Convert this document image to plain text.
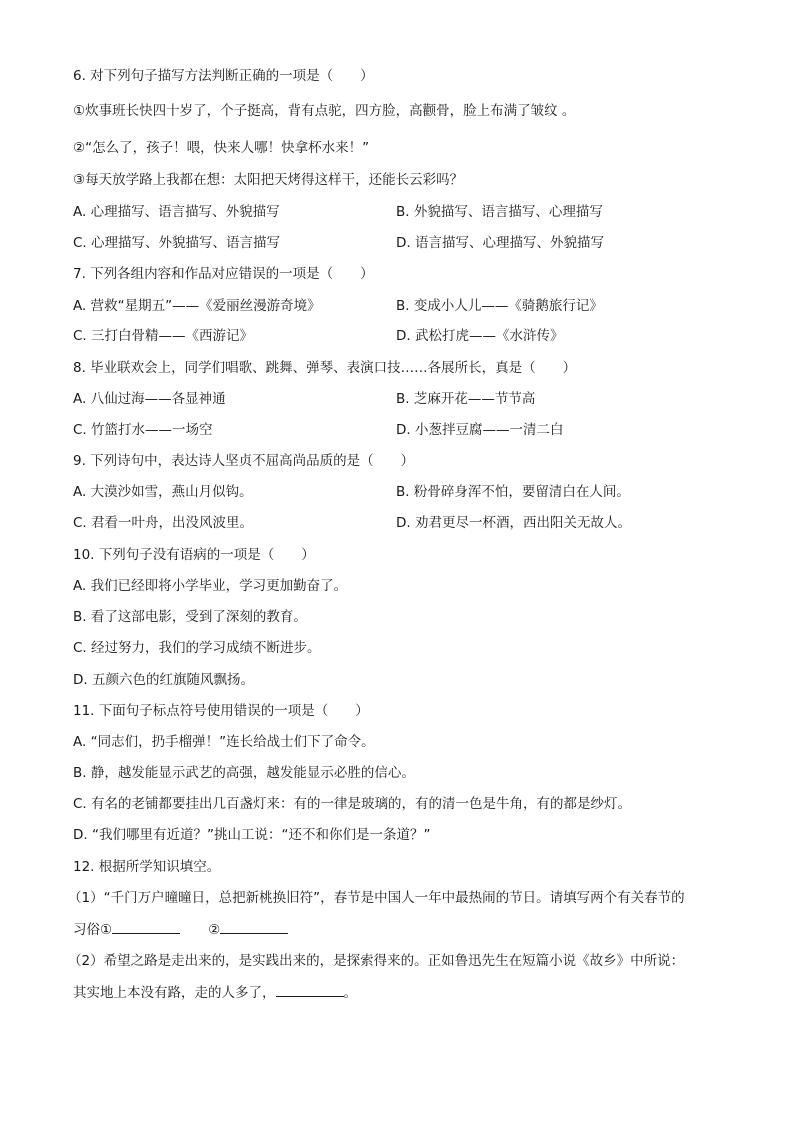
6. 对下列句子描写方法判断正确的一项是（　　）
①炊事班长快四十岁了，个子挺高，背有点驼，四方脸，高颧骨，脸上布满了皱纹 。
②“怎么了，孩子！喂，快来人哪！快拿杯水来！”
③每天放学路上我都在想：太阳把天烤得这样干，还能长云彩吗？
A. 心理描写、语言描写、外貌描写	B. 外貌描写、语言描写、心理描写
C. 心理描写、外貌描写、语言描写	D. 语言描写、心理描写、外貌描写
7. 下列各组内容和作品对应错误的一项是（　　）
A. 营救“星期五”——《爱丽丝漫游奇境》	B. 变成小人儿——《骑鹅旅行记》
C. 三打白骨精——《西游记》	D. 武松打虎——《水浒传》
8. 毕业联欢会上，同学们唱歌、跳舞、弹琴、表演口技……各展所长，真是（　　）
A. 八仙过海——各显神通	B. 芝麻开花——节节高
C. 竹篮打水——一场空	D. 小葱拌豆腐——一清二白
9. 下列诗句中，表达诗人坚贞不屈高尚品质的是（　　）
A. 大漠沙如雪，燕山月似钩。	B. 粉骨碎身浑不怕，要留清白在人间。
C. 君看一叶舟，出没风波里。	D. 劝君更尽一杯酒，西出阳关无故人。
10. 下列句子没有语病的一项是（　　）
A. 我们已经即将小学毕业，学习更加勤奋了。
B. 看了这部电影，受到了深刻的教育。
C. 经过努力，我们的学习成绩不断进步。
D. 五颜六色的红旗随风飘扬。
11. 下面句子标点符号使用错误的一项是（　　）
A. “同志们，扔手榴弹！”连长给战士们下了命令。
B. 静，越发能显示武艺的高强，越发能显示必胜的信心。
C. 有名的老铺都要挂出几百盏灯来：有的一律是玻璃的，有的清一色是牛角，有的都是纱灯。
D. “我们哪里有近道？”挑山工说：“还不和你们是一条道？”
12. 根据所学知识填空。
（1）“千门万户曈曈日，总把新桃换旧符”，春节是中国人一年中最热闹的节日。请填写两个有关春节的
习俗①	②
（2）希望之路是走出来的，是实践出来的，是探索得来的。正如鲁迅先生在短篇小说《故乡》中所说：
其实地上本没有路，走的人多了，	。
